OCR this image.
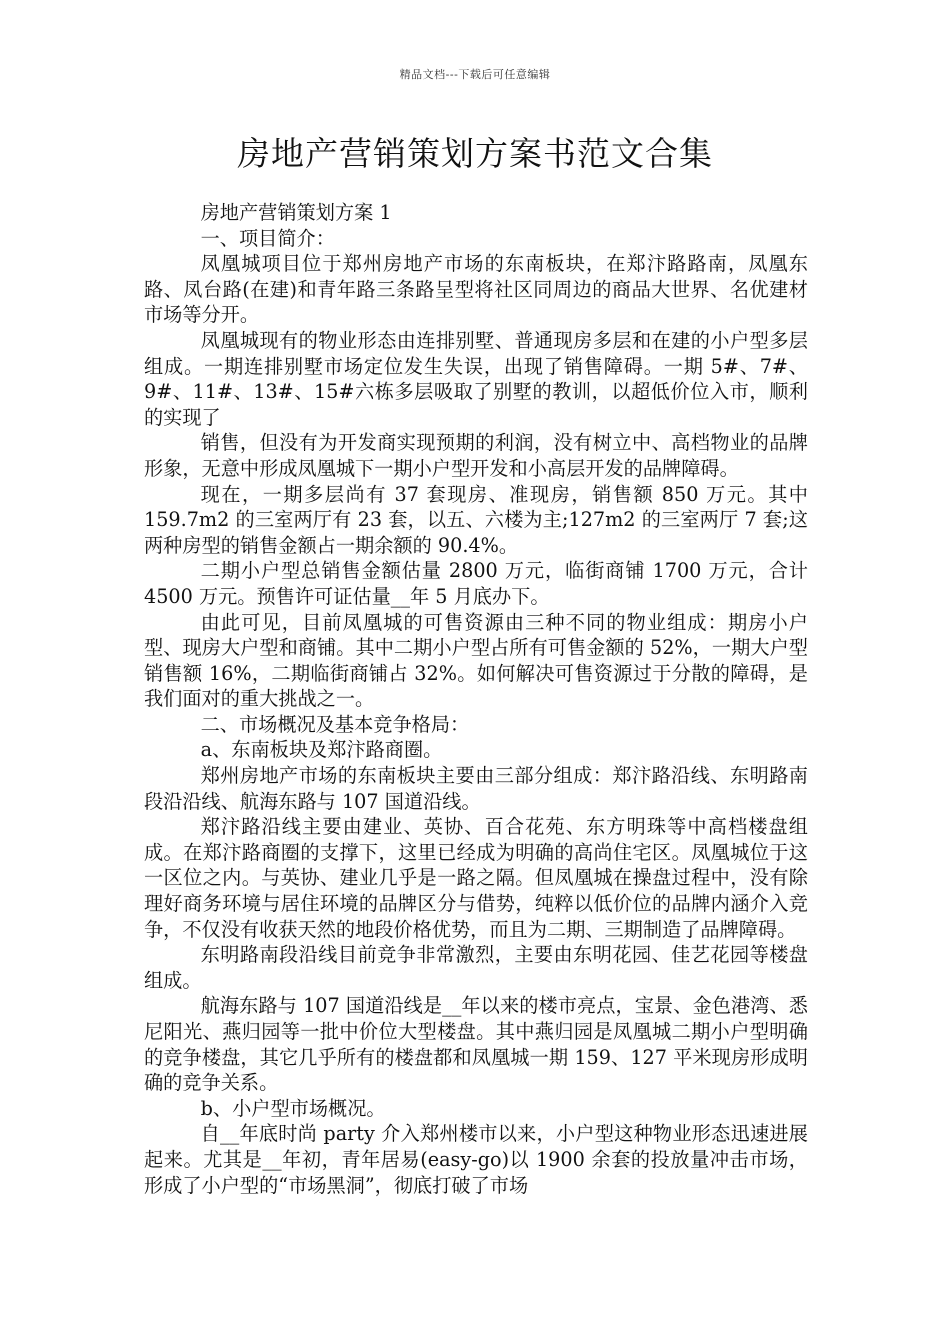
精品文档---下载后可任意编辑
房地产营销策划方案书范文合集

房地产营销策划方案 1

一、项目简介：

凤凰城项目位于郑州房地产市场的东南板块，在郑汴路路南，凤凰东路、凤台路(在建)和青年路三条路呈型将社区同周边的商品大世界、名优建材市场等分开。

凤凰城现有的物业形态由连排别墅、普通现房多层和在建的小户型多层组成。一期连排别墅市场定位发生失误，出现了销售障碍。一期 5#、7#、9#、11#、13#、15#六栋多层吸取了别墅的教训，以超低价位入市，顺利的实现了

销售，但没有为开发商实现预期的利润，没有树立中、高档物业的品牌形象，无意中形成凤凰城下一期小户型开发和小高层开发的品牌障碍。

现在，一期多层尚有 37 套现房、准现房，销售额 850 万元。其中 159.7m2 的三室两厅有 23 套，以五、六楼为主;127m2 的三室两厅 7 套;这两种房型的销售金额占一期余额的 90.4%。

二期小户型总销售金额估量 2800 万元，临街商铺 1700 万元，合计 4500 万元。预售许可证估量__年 5 月底办下。

由此可见，目前凤凰城的可售资源由三种不同的物业组成：期房小户型、现房大户型和商铺。其中二期小户型占所有可售金额的 52%，一期大户型销售额 16%，二期临街商铺占 32%。如何解决可售资源过于分散的障碍，是我们面对的重大挑战之一。

二、市场概况及基本竞争格局：

a、东南板块及郑汴路商圈。

郑州房地产市场的东南板块主要由三部分组成：郑汴路沿线、东明路南段沿沿线、航海东路与 107 国道沿线。

郑汴路沿线主要由建业、英协、百合花苑、东方明珠等中高档楼盘组成。在郑汴路商圈的支撑下，这里已经成为明确的高尚住宅区。凤凰城位于这一区位之内。与英协、建业几乎是一路之隔。但凤凰城在操盘过程中，没有除理好商务环境与居住环境的品牌区分与借势，纯粹以低价位的品牌内涵介入竞争，不仅没有收获天然的地段价格优势，而且为二期、三期制造了品牌障碍。

东明路南段沿线目前竞争非常激烈，主要由东明花园、佳艺花园等楼盘组成。

航海东路与 107 国道沿线是__年以来的楼市亮点，宝景、金色港湾、悉尼阳光、燕归园等一批中价位大型楼盘。其中燕归园是凤凰城二期小户型明确的竞争楼盘，其它几乎所有的楼盘都和凤凰城一期 159、127 平米现房形成明确的竞争关系。

b、小户型市场概况。

自__年底时尚 party 介入郑州楼市以来，小户型这种物业形态迅速进展起来。尤其是__年初，青年居易(easy-go)以 1900 余套的投放量冲击市场，形成了小户型的“市场黑洞”，彻底打破了市场
